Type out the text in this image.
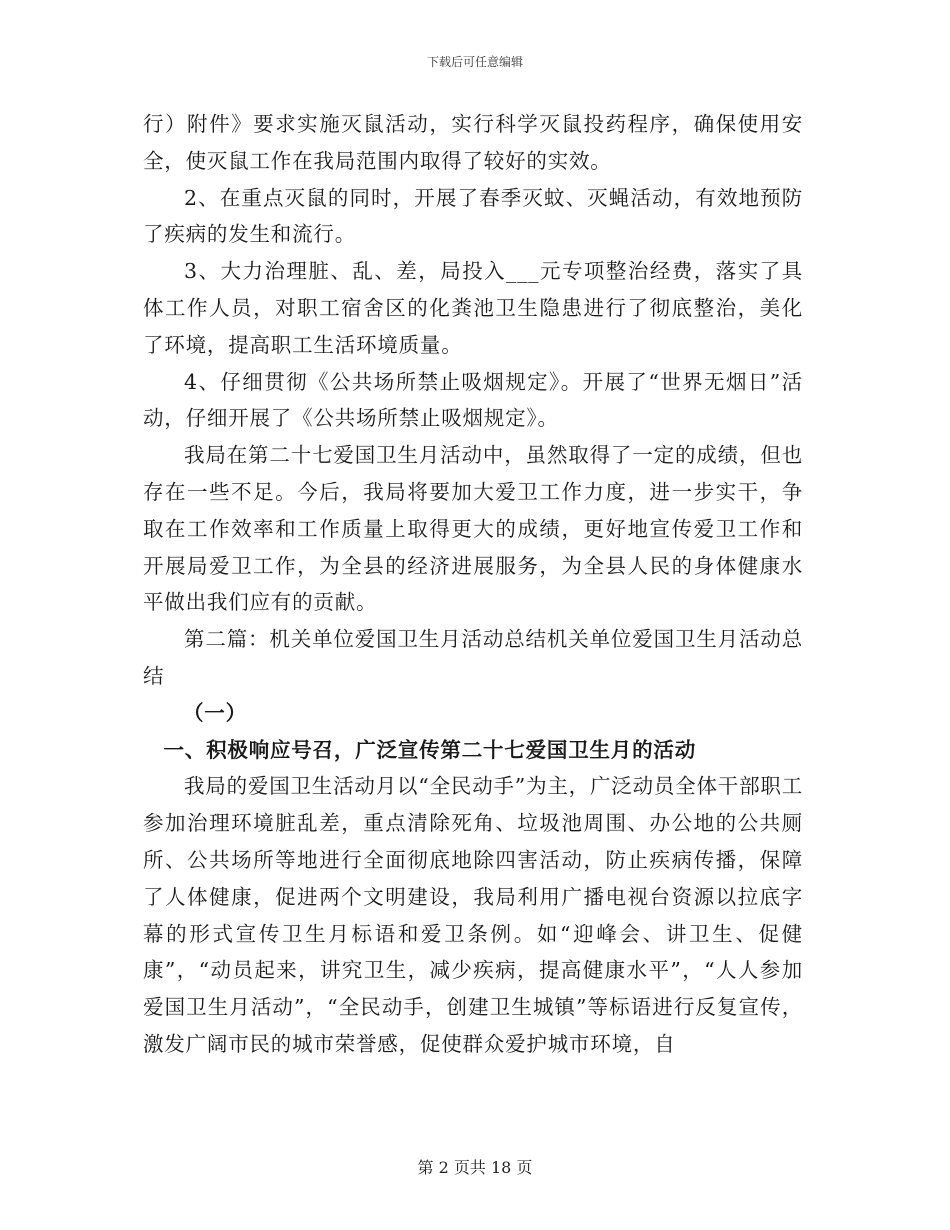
下载后可任意编辑

行）附件》要求实施灭鼠活动，实行科学灭鼠投药程序，确保使用安全，使灭鼠工作在我局范围内取得了较好的实效。

2、在重点灭鼠的同时，开展了春季灭蚊、灭蝇活动，有效地预防了疾病的发生和流行。

3、大力治理脏、乱、差，局投入___元专项整治经费，落实了具体工作人员，对职工宿舍区的化粪池卫生隐患进行了彻底整治，美化了环境，提高职工生活环境质量。

4、仔细贯彻《公共场所禁止吸烟规定》。开展了“世界无烟日”活动，仔细开展了《公共场所禁止吸烟规定》。

我局在第二十七爱国卫生月活动中，虽然取得了一定的成绩，但也存在一些不足。今后，我局将要加大爱卫工作力度，进一步实干，争取在工作效率和工作质量上取得更大的成绩，更好地宣传爱卫工作和开展局爱卫工作，为全县的经济进展服务，为全县人民的身体健康水平做出我们应有的贡献。

第二篇：机关单位爱国卫生月活动总结机关单位爱国卫生月活动总结

（一）

一、积极响应号召，广泛宣传第二十七爱国卫生月的活动

我局的爱国卫生活动月以“全民动手”为主，广泛动员全体干部职工参加治理环境脏乱差，重点清除死角、垃圾池周围、办公地的公共厕所、公共场所等地进行全面彻底地除四害活动，防止疾病传播，保障了人体健康，促进两个文明建设，我局利用广播电视台资源以拉底字幕的形式宣传卫生月标语和爱卫条例。如“迎峰会、讲卫生、促健康”，“动员起来，讲究卫生，减少疾病，提高健康水平”，“人人参加爱国卫生月活动”，“全民动手，创建卫生城镇”等标语进行反复宣传，激发广阔市民的城市荣誉感，促使群众爱护城市环境，自

第 2 页共 18 页
